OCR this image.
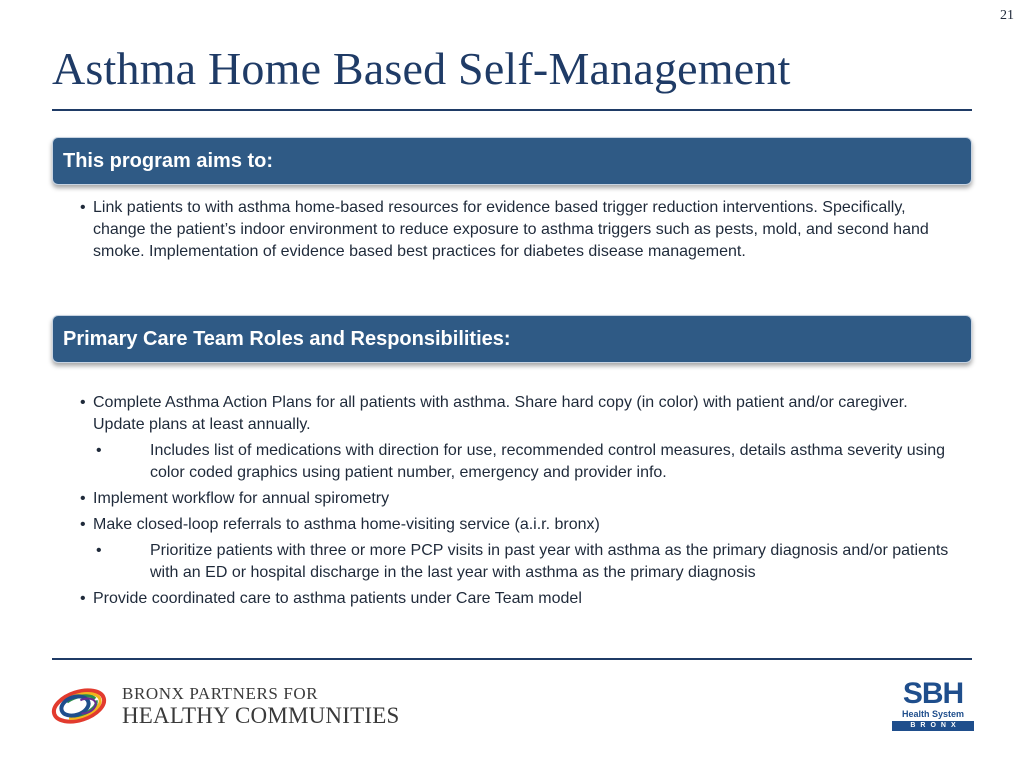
21
Asthma Home Based Self-Management
This program aims to:
• Link patients to with asthma home-based resources for evidence based trigger reduction interventions. Specifically, change the patient’s indoor environment to reduce exposure to asthma triggers such as pests, mold, and second hand smoke. Implementation of evidence based best practices for diabetes disease management.
Primary Care Team Roles and Responsibilities:
• Complete Asthma Action Plans for all patients with asthma. Share hard copy (in color) with patient and/or caregiver. Update plans at least annually.
•	Includes list of medications with direction for use, recommended control measures, details asthma severity using color coded graphics using patient number, emergency and provider info.
• Implement workflow for annual spirometry
• Make closed-loop referrals to asthma home-visiting service (a.i.r. bronx)
•	Prioritize patients with three or more PCP visits in past year with asthma as the primary diagnosis and/or patients with an ED or hospital discharge in the last year with asthma as the primary diagnosis
• Provide coordinated care to asthma patients under Care Team model
BRONX PARTNERS FOR
HEALTHY COMMUNITIES
SBH
Health System
BRONX
